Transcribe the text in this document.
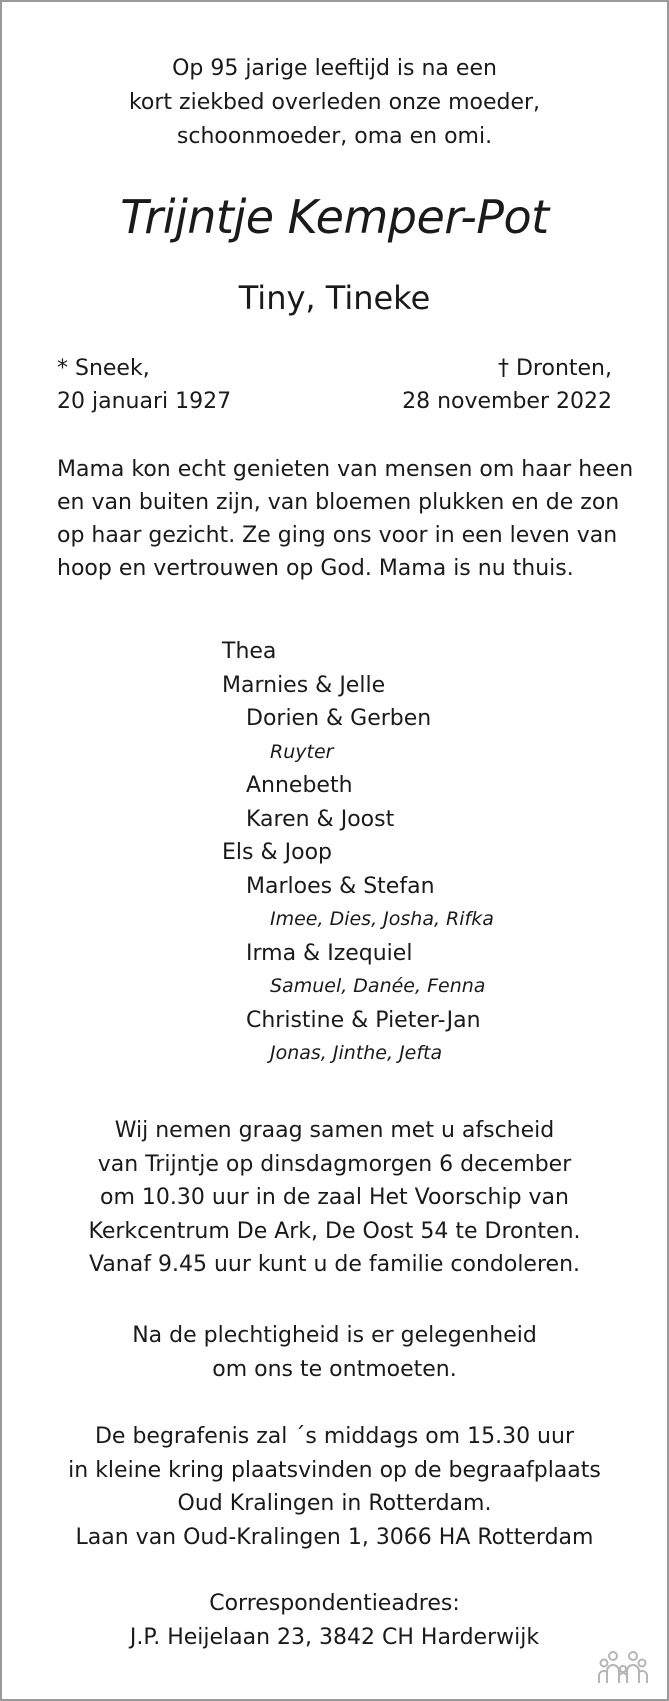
Op 95 jarige leeftijd is na een
kort ziekbed overleden onze moeder,
schoonmoeder, oma en omi.
Trijntje Kemper-Pot
Tiny, Tineke
* Sneek,
20 januari 1927
† Dronten,
28 november 2022
Mama kon echt genieten van mensen om haar heen
en van buiten zijn, van bloemen plukken en de zon
op haar gezicht. Ze ging ons voor in een leven van
hoop en vertrouwen op God. Mama is nu thuis.
Thea
Marnies & Jelle
Dorien & Gerben
Ruyter
Annebeth
Karen & Joost
Els & Joop
Marloes & Stefan
Imee, Dies, Josha, Rifka
Irma & Izequiel
Samuel, Danée, Fenna
Christine & Pieter-Jan
Jonas, Jinthe, Jefta
Wij nemen graag samen met u afscheid
van Trijntje op dinsdagmorgen 6 december
om 10.30 uur in de zaal Het Voorschip van
Kerkcentrum De Ark, De Oost 54 te Dronten.
Vanaf 9.45 uur kunt u de familie condoleren.
Na de plechtigheid is er gelegenheid
om ons te ontmoeten.
De begrafenis zal ´s middags om 15.30 uur
in kleine kring plaatsvinden op de begraafplaats
Oud Kralingen in Rotterdam.
Laan van Oud-Kralingen 1, 3066 HA Rotterdam
Correspondentieadres:
J.P. Heijelaan 23, 3842 CH Harderwijk
